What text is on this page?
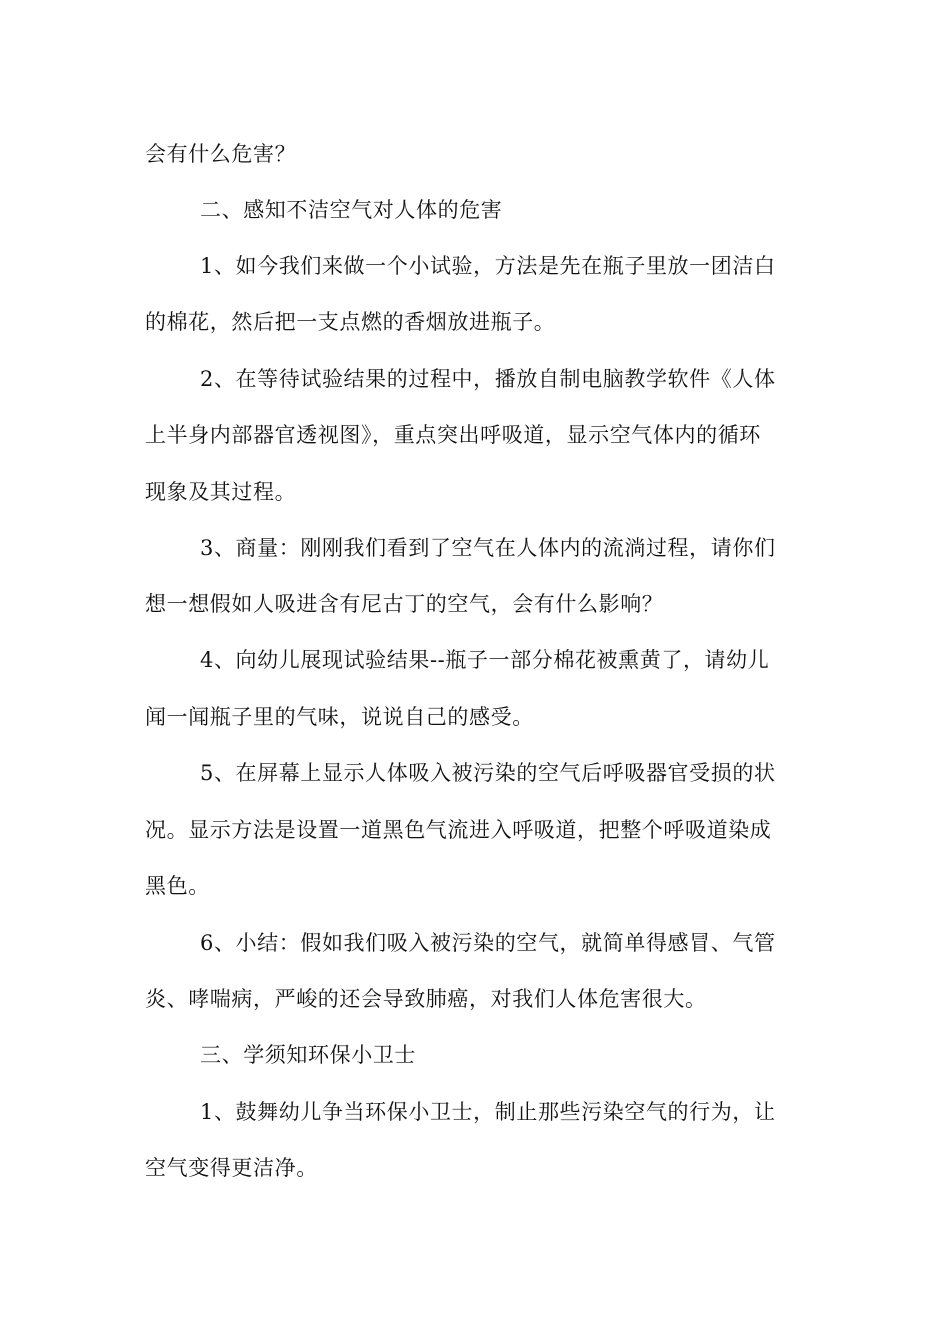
会有什么危害？
二、感知不洁空气对人体的危害
1、如今我们来做一个小试验，方法是先在瓶子里放一团洁白
的棉花，然后把一支点燃的香烟放进瓶子。
2、在等待试验结果的过程中，播放自制电脑教学软件《人体
上半身内部器官透视图》，重点突出呼吸道，显示空气体内的循环
现象及其过程。
3、商量：刚刚我们看到了空气在人体内的流淌过程，请你们
想一想假如人吸进含有尼古丁的空气，会有什么影响？
4、向幼儿展现试验结果--瓶子一部分棉花被熏黄了，请幼儿
闻一闻瓶子里的气味，说说自己的感受。
5、在屏幕上显示人体吸入被污染的空气后呼吸器官受损的状
况。显示方法是设置一道黑色气流进入呼吸道，把整个呼吸道染成
黑色。
6、小结：假如我们吸入被污染的空气，就简单得感冒、气管
炎、哮喘病，严峻的还会导致肺癌，对我们人体危害很大。
三、学须知环保小卫士
1、鼓舞幼儿争当环保小卫士，制止那些污染空气的行为，让
空气变得更洁净。
